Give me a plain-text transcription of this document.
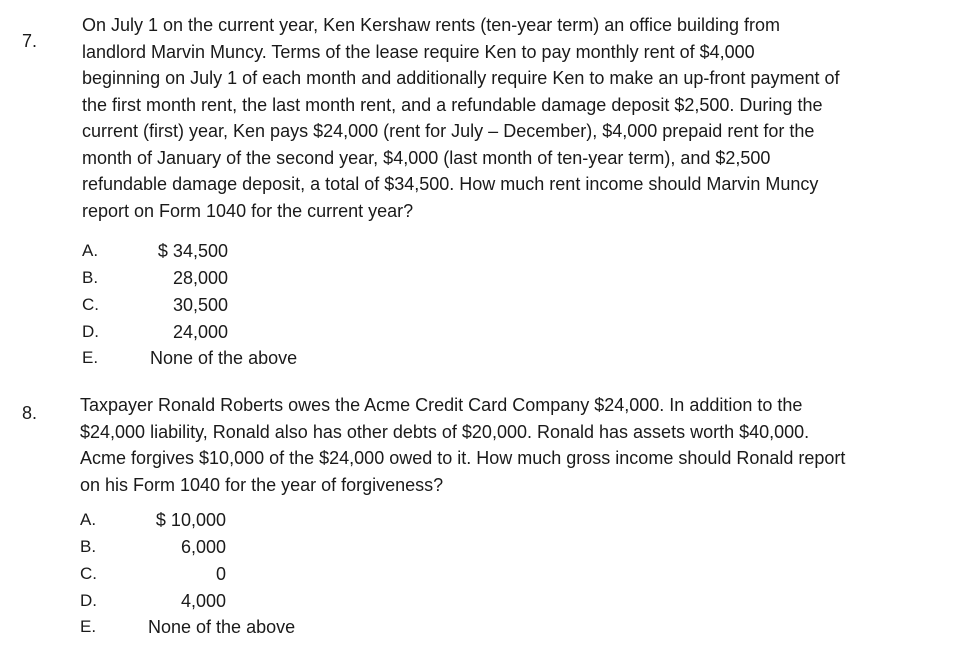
7.
On July 1 on the current year, Ken Kershaw rents (ten-year term) an office building from
landlord Marvin Muncy. Terms of the lease require Ken to pay monthly rent of $4,000
beginning on July 1 of each month and additionally require Ken to make an up-front payment of
the first month rent, the last month rent, and a refundable damage deposit $2,500. During the
current (first) year, Ken pays $24,000 (rent for July – December), $4,000 prepaid rent for the
month of January of the second year, $4,000 (last month of ten-year term), and $2,500
refundable damage deposit, a total of $34,500. How much rent income should Marvin Muncy
report on Form 1040 for the current year?
A.	$ 34,500
B.	28,000
C.	30,500
D.	24,000
E.	None of the above
8. Taxpayer Ronald Roberts owes the Acme Credit Card Company $24,000. In addition to the
$24,000 liability, Ronald also has other debts of $20,000. Ronald has assets worth $40,000.
Acme forgives $10,000 of the $24,000 owed to it. How much gross income should Ronald report
on his Form 1040 for the year of forgiveness?
A.	$ 10,000
B.	6,000
C.	0
D.	4,000
E.	None of the above
